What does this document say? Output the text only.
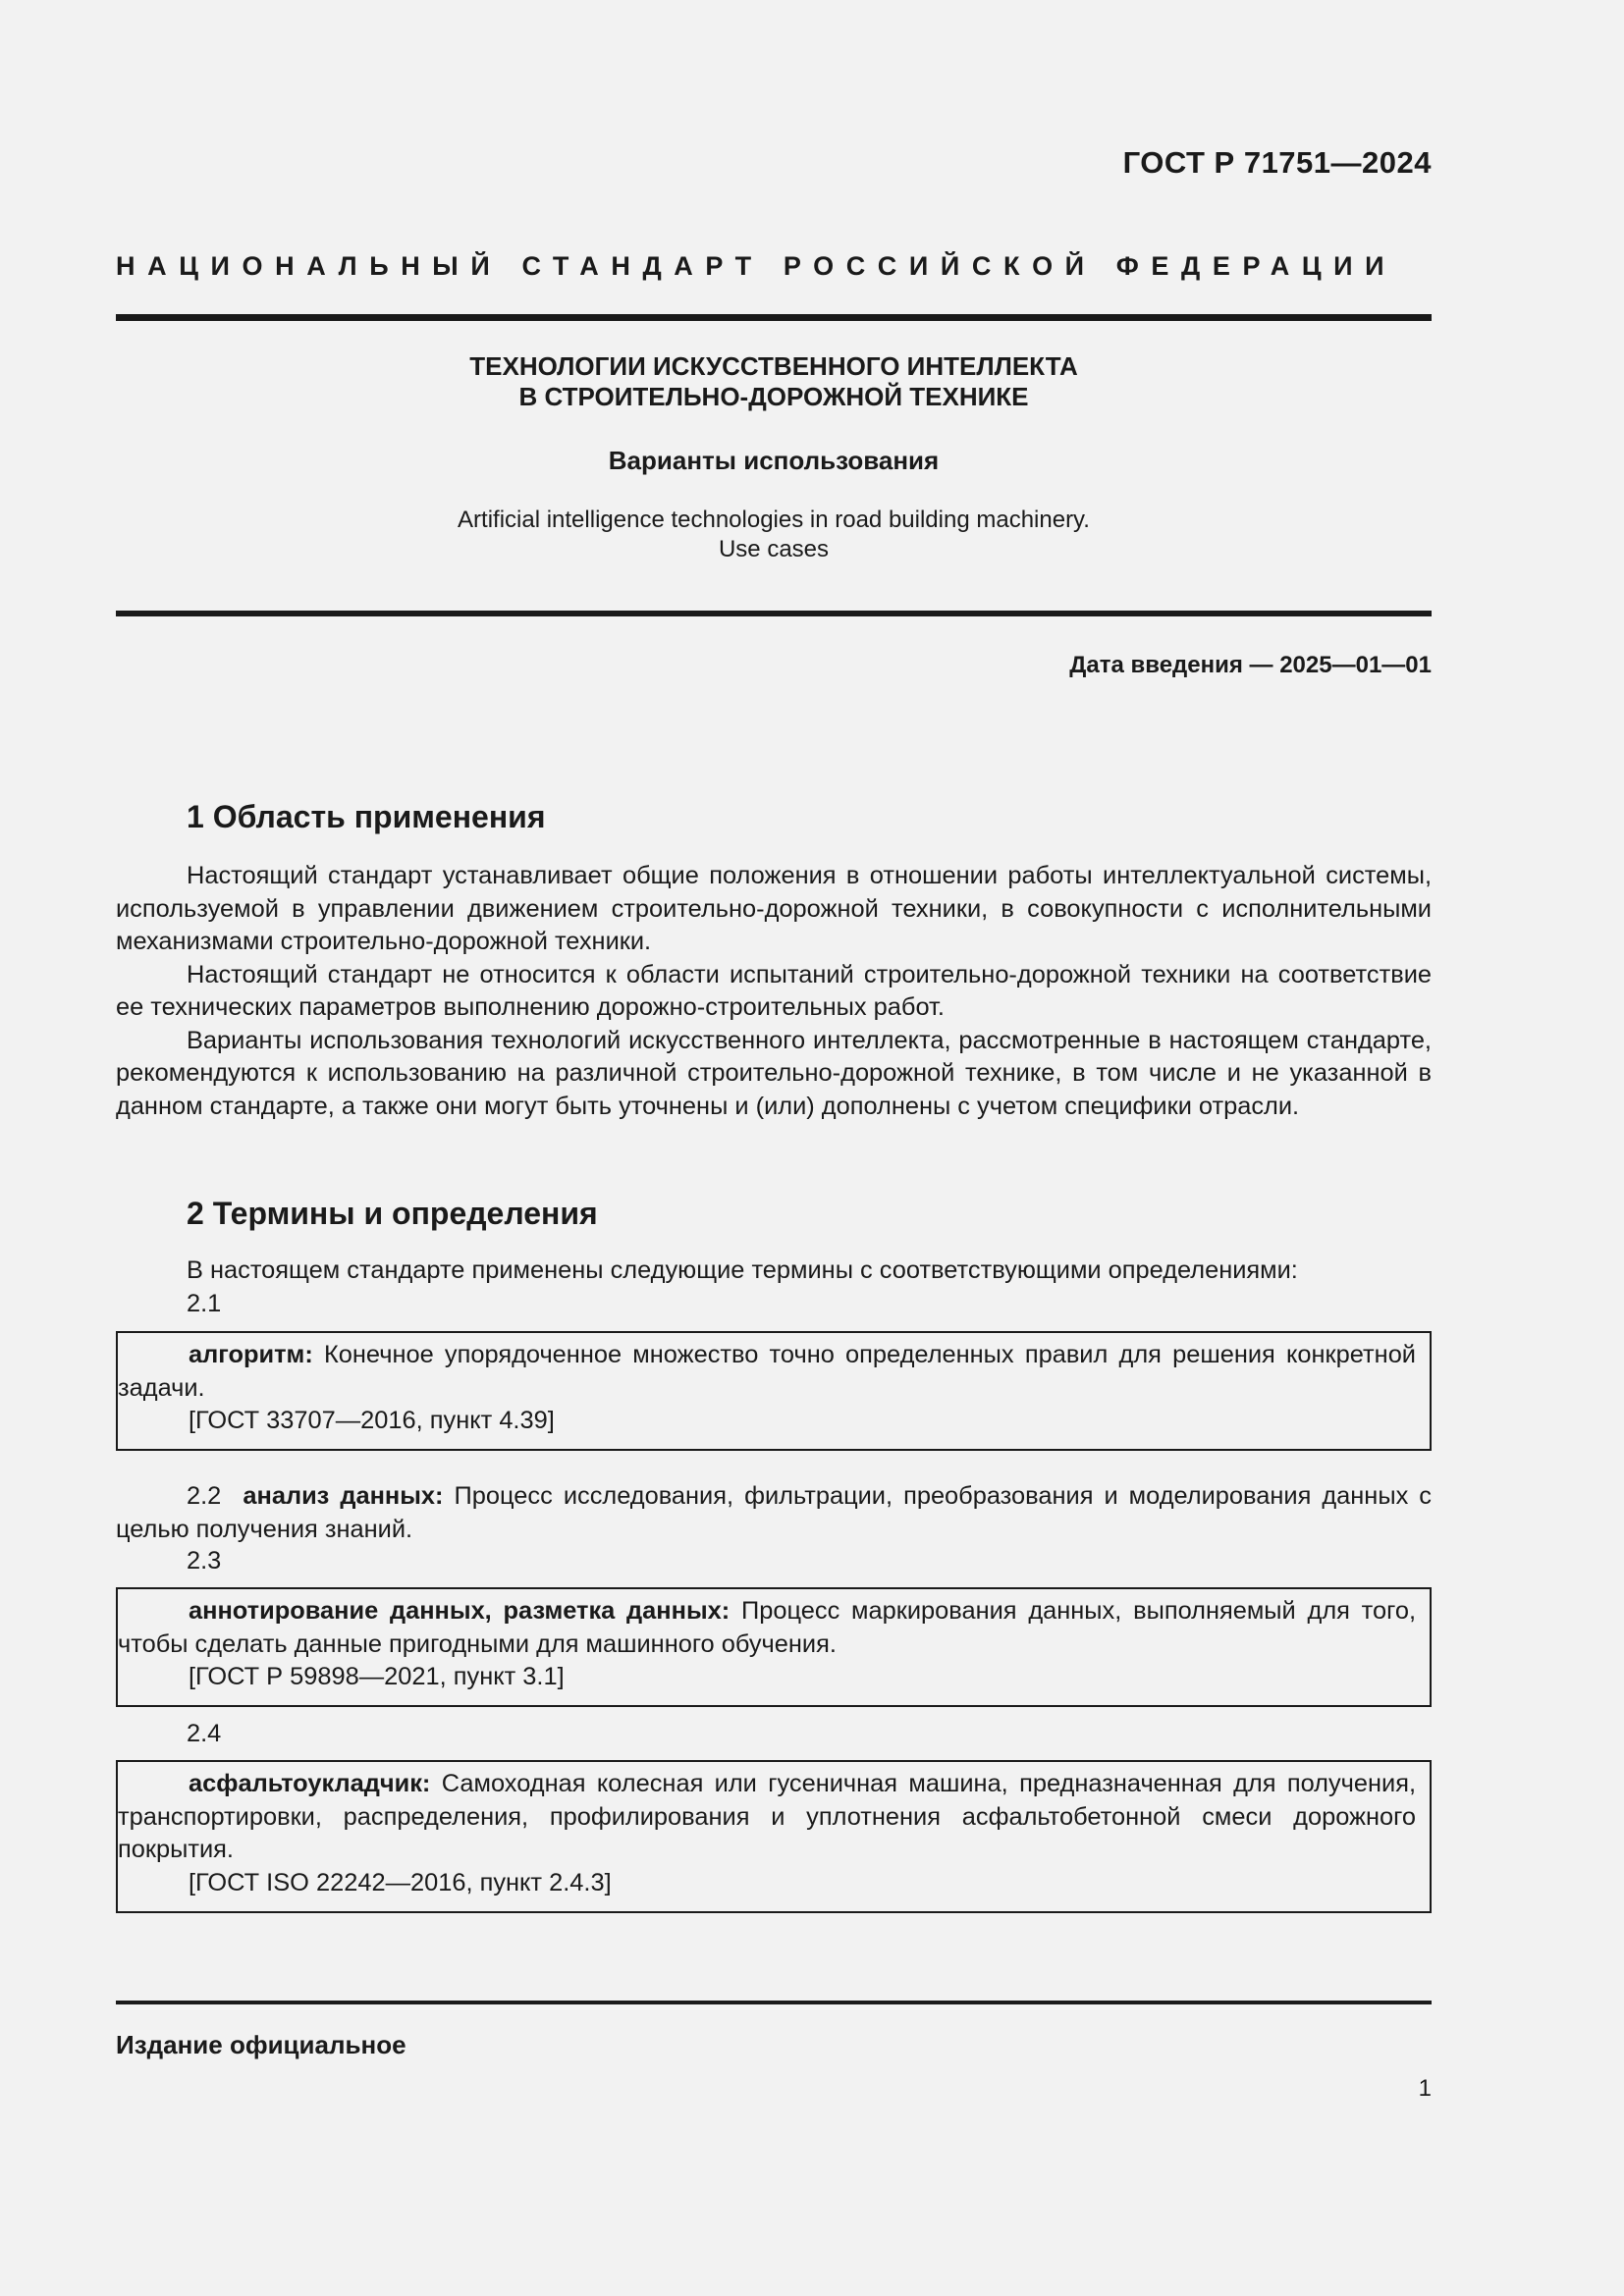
ГОСТ Р 71751—2024
НАЦИОНАЛЬНЫЙ СТАНДАРТ РОССИЙСКОЙ ФЕДЕРАЦИИ
ТЕХНОЛОГИИ ИСКУССТВЕННОГО ИНТЕЛЛЕКТА
В СТРОИТЕЛЬНО-ДОРОЖНОЙ ТЕХНИКЕ
Варианты использования
Artificial intelligence technologies in road building machinery.
Use cases
Дата введения — 2025—01—01
1 Область применения

Настоящий стандарт устанавливает общие положения в отношении работы интеллектуальной системы, используемой в управлении движением строительно-дорожной техники, в совокупности с исполнительными механизмами строительно-дорожной техники.

Настоящий стандарт не относится к области испытаний строительно-дорожной техники на соответствие ее технических параметров выполнению дорожно-строительных работ.

Варианты использования технологий искусственного интеллекта, рассмотренные в настоящем стандарте, рекомендуются к использованию на различной строительно-дорожной технике, в том числе и не указанной в данном стандарте, а также они могут быть уточнены и (или) дополнены с учетом специфики отрасли.

2 Термины и определения

В настоящем стандарте применены следующие термины с соответствующими определениями:

2.1

алгоритм: Конечное упорядоченное множество точно определенных правил для решения конкретной задачи.

[ГОСТ 33707—2016, пункт 4.39]

2.2 анализ данных: Процесс исследования, фильтрации, преобразования и моделирования данных с целью получения знаний.

2.3

аннотирование данных, разметка данных: Процесс маркирования данных, выполняемый для того, чтобы сделать данные пригодными для машинного обучения.

[ГОСТ Р 59898—2021, пункт 3.1]

2.4

асфальтоукладчик: Самоходная колесная или гусеничная машина, предназначенная для получения, транспортировки, распределения, профилирования и уплотнения асфальтобетонной смеси дорожного покрытия.

[ГОСТ ISO 22242—2016, пункт 2.4.3]

Издание официальное
1
